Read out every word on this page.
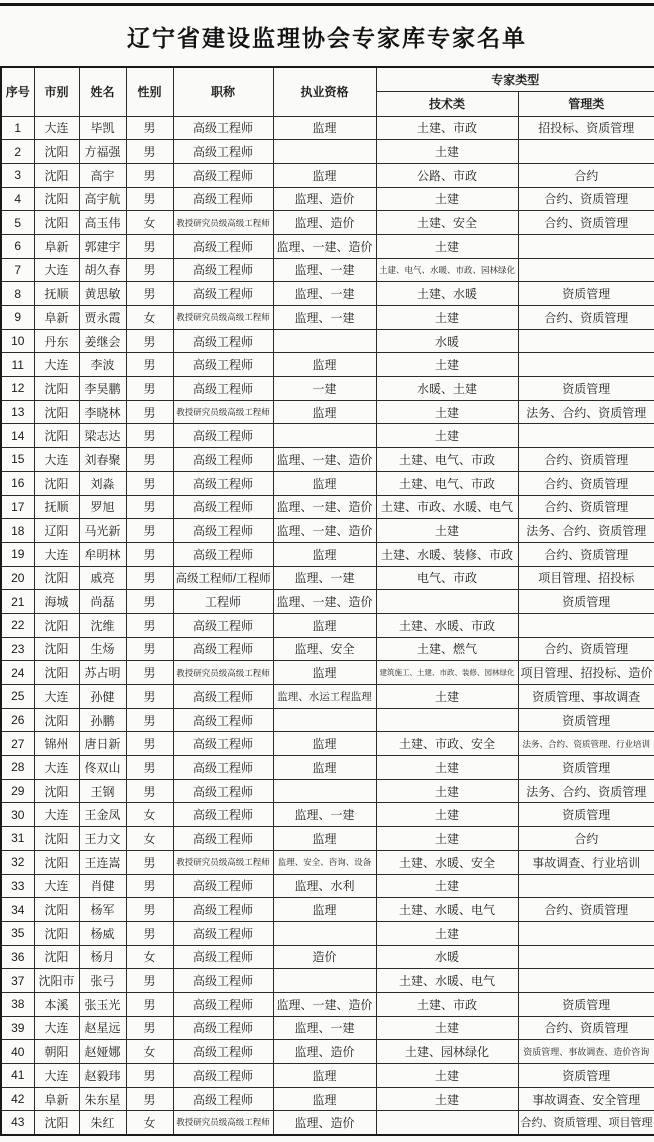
辽宁省建设监理协会专家库专家名单
序号	市别	姓名	性别	职称	执业资格	专家类型	
						技术类	管理类
1	大连	毕凯	男	高级工程师	监理	土建、市政	招投标、资质管理
2	沈阳	方福强	男	高级工程师		土建	
3	沈阳	高宇	男	高级工程师	监理	公路、市政	合约
4	沈阳	高宇航	男	高级工程师	监理、造价	土建	合约、资质管理
5	沈阳	高玉伟	女	教授研究员级高级工程师	监理、造价	土建、安全	合约、资质管理
6	阜新	郭建宇	男	高级工程师	监理、一建、造价	土建	
7	大连	胡久春	男	高级工程师	监理、一建	土建、电气、水暖、市政、园林绿化	
8	抚顺	黄思敏	男	高级工程师	监理、一建	土建、水暖	资质管理
9	阜新	贾永霞	女	教授研究员级高级工程师	监理、一建	土建	合约、资质管理
10	丹东	姜继会	男	高级工程师		水暖	
11	大连	李波	男	高级工程师	监理	土建	
12	沈阳	李昊鹏	男	高级工程师	一建	水暖、土建	资质管理
13	沈阳	李晓林	男	教授研究员级高级工程师	监理	土建	法务、合约、资质管理
14	沈阳	梁志达	男	高级工程师		土建	
15	大连	刘春聚	男	高级工程师	监理、一建、造价	土建、电气、市政	合约、资质管理
16	沈阳	刘淼	男	高级工程师	监理	土建、电气、市政	合约、资质管理
17	抚顺	罗旭	男	高级工程师	监理、一建、造价	土建、市政、水暖、电气	合约、资质管理
18	辽阳	马光新	男	高级工程师	监理、一建、造价	土建	法务、合约、资质管理
19	大连	牟明林	男	高级工程师	监理	土建、水暖、装修、市政	合约、资质管理
20	沈阳	戚亮	男	高级工程师/工程师	监理、一建	电气、市政	项目管理、招投标
21	海城	尚磊	男	工程师	监理、一建、造价		资质管理
22	沈阳	沈维	男	高级工程师	监理	土建、水暖、市政	
23	沈阳	生炀	男	高级工程师	监理、安全	土建、燃气	合约、资质管理
24	沈阳	苏占明	男	教授研究员级高级工程师	监理	建筑施工、土建、市政、装修、园林绿化	项目管理、招投标、造价
25	大连	孙健	男	高级工程师	监理、水运工程监理	土建	资质管理、事故调查
26	沈阳	孙鹏	男	高级工程师			资质管理
27	锦州	唐日新	男	高级工程师	监理	土建、市政、安全	法务、合约、资质管理、行业培训
28	大连	佟双山	男	高级工程师	监理	土建	资质管理
29	沈阳	王钢	男	高级工程师		土建	法务、合约、资质管理
30	大连	王金凤	女	高级工程师	监理、一建	土建	资质管理
31	沈阳	王力文	女	高级工程师	监理	土建	合约
32	沈阳	王连嵩	男	教授研究员级高级工程师	监理、安全、咨询、设备	土建、水暖、安全	事故调查、行业培训
33	大连	肖健	男	高级工程师	监理、水利	土建	
34	沈阳	杨军	男	高级工程师	监理	土建、水暖、电气	合约、资质管理
35	沈阳	杨威	男	高级工程师		土建	
36	沈阳	杨月	女	高级工程师	造价	水暖	
37	沈阳市	张弓	男	高级工程师		土建、水暖、电气	
38	本溪	张玉光	男	高级工程师	监理、一建、造价	土建、市政	资质管理
39	大连	赵星远	男	高级工程师	监理、一建	土建	合约、资质管理
40	朝阳	赵娅娜	女	高级工程师	监理、造价	土建、园林绿化	资质管理、事故调查、造价咨询
41	大连	赵毅玮	男	高级工程师	监理	土建	资质管理
42	阜新	朱东星	男	高级工程师	监理	土建	事故调查、安全管理
43	沈阳	朱红	女	教授研究员级高级工程师	监理、造价		合约、资质管理、项目管理
